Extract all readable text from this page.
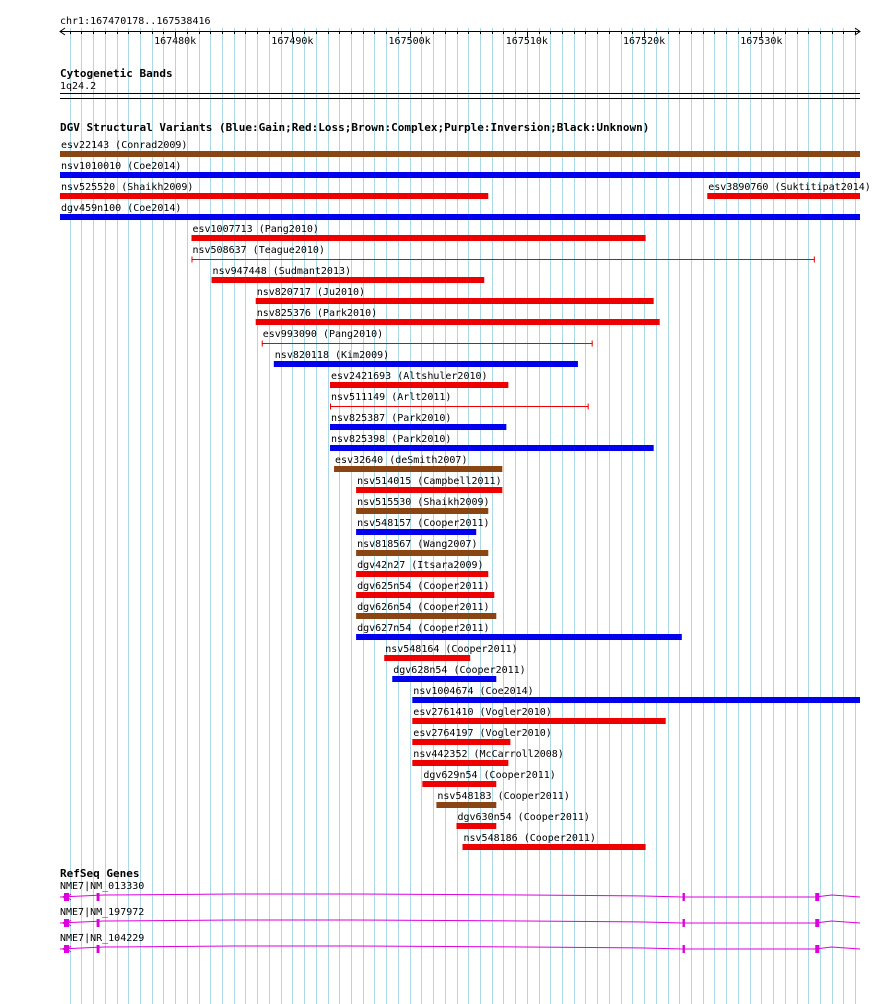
chr1:167470178..167538416
167480k	167490k	167500k	167510k	167520k	167530k
Cytogenetic Bands
1q24.2
DGV Structural Variants (Blue:Gain;Red:Loss;Brown:Complex;Purple:Inversion;Black:Unknown)
esv22143 (Conrad2009)
nsv1010010 (Coe2014)
nsv525520 (Shaikh2009)	esv3890760 (Suktitipat2014)
dgv459n100 (Coe2014)
esv1007713 (Pang2010)
nsv508637 (Teague2010)
nsv947448 (Sudmant2013)
nsv820717 (Ju2010)
nsv825376 (Park2010)
esv993090 (Pang2010)
nsv820118 (Kim2009)
esv2421693 (Altshuler2010)
nsv511149 (Arlt2011)
nsv825387 (Park2010)
nsv825398 (Park2010)
esv32640 (deSmith2007)
nsv514015 (Campbell2011)
nsv515530 (Shaikh2009)
nsv548157 (Cooper2011)
nsv818567 (Wang2007)
dgv42n27 (Itsara2009)
dgv625n54 (Cooper2011)
dgv626n54 (Cooper2011)
dgv627n54 (Cooper2011)
nsv548164 (Cooper2011)
dgv628n54 (Cooper2011)
nsv1004674 (Coe2014)
esv2761410 (Vogler2010)
esv2764197 (Vogler2010)
nsv442352 (McCarroll2008)
dgv629n54 (Cooper2011)
nsv548183 (Cooper2011)
dgv630n54 (Cooper2011)
nsv548186 (Cooper2011)
RefSeq Genes
NME7|NM_013330
NME7|NM_197972
NME7|NR_104229
